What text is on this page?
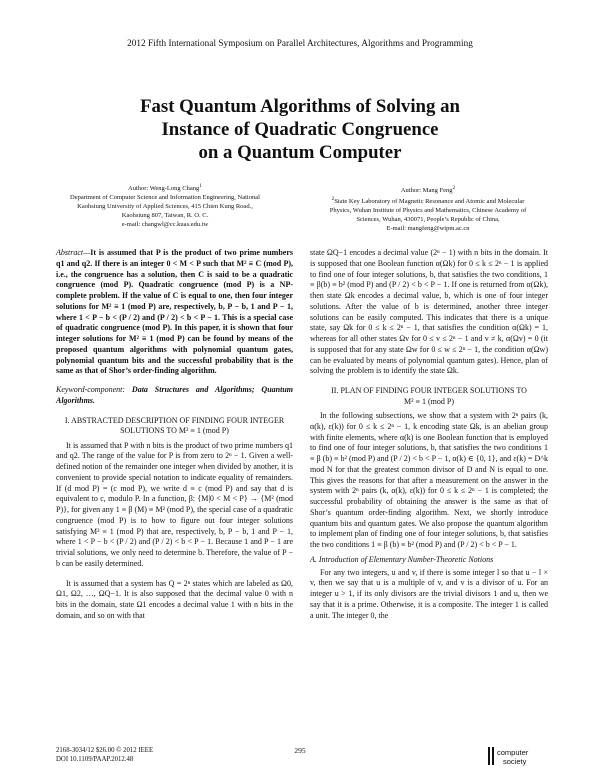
2012 Fifth International Symposium on Parallel Architectures, Algorithms and Programming
Fast Quantum Algorithms of Solving an
Instance of Quadratic Congruence
on a Quantum Computer
Author: Weng-Long Chang$^1$
Department of Computer Science and Information Engineering, National
Kaohsiung University of Applied Sciences, 415 Chien Kung Road.,
Kaohsiung 807, Taiwan, R. O. C.
e-mail: changwl@cc.kuas.edu.tw
Author: Mang Feng$^2$
$^2$State Key Laboratory of Magnetic Resonance and Atomic and Molecular
Physics, Wuhan Institute of Physics and Mathematics, Chinese Academy of
Sciences, Wuhan, 430071, People’s Republic of China,
E-mail: mangfeng@wipm.ac.cn

Abstract—It is assumed that P is the product of two prime numbers q1 and q2. If there is an integer 0 < M < P such that M² ≡ C (mod P), i.e., the congruence has a solution, then C is said to be a quadratic congruence (mod P). Quadratic congruence (mod P) is a NP-complete problem. If the value of C is equal to one, then four integer solutions for M² ≡ 1 (mod P) are, respectively, b, P − b, 1 and P − 1, where 1 < P − b < (P / 2) and (P / 2) < b < P − 1. This is a special case of quadratic congruence (mod P). In this paper, it is shown that four integer solutions for M² ≡ 1 (mod P) can be found by means of the proposed quantum algorithms with polynomial quantum gates, polynomial quantum bits and the successful probability that is the same as that of Shor’s order-finding algorithm.

Keyword-component: Data Structures and Algorithms; Quantum Algorithms.

I. ABSTRACTED DESCRIPTION OF FINDING FOUR INTEGER SOLUTIONS TO M² ≡ 1 (mod P)

It is assumed that P with n bits is the product of two prime numbers q1 and q2. The range of the value for P is from zero to 2ⁿ − 1. Given a well-defined notion of the remainder one integer when divided by another, it is convenient to provide special notation to indicate equality of remainders. If (d mod P) = (c mod P), we write d ≡ c (mod P) and say that d is equivalent to c, modulo P. In a function, β: {M|0 < M < P} → {M² (mod P)}, for given any 1 ≡ β (M) ≡ M² (mod P), the special case of a quadratic congruence (mod P) is to how to figure out four integer solutions satisfying M² ≡ 1 (mod P) that are, respectively, b, P − b, 1 and P − 1, where 1 < P − b < (P / 2) and (P / 2) < b < P − 1. Because 1 and P − 1 are trivial solutions, we only need to determine b. Therefore, the value of P − b can be easily determined.

It is assumed that a system has Q = 2ⁿ states which are labeled as Ω0, Ω1, Ω2, …, ΩQ−1. It is also supposed that the decimal value 0 with n bits in the domain, state Ω1 encodes a decimal value 1 with n bits in the domain, and so on with that

state ΩQ−1 encodes a decimal value (2ⁿ − 1) with n bits in the domain. It is supposed that one Boolean function α(Ωk) for 0 ≤ k ≤ 2ⁿ − 1 is applied to find one of four integer solutions, b, that satisfies the two conditions, 1 ≡ β(b) ≡ b² (mod P) and (P / 2) < b < P − 1. If one is returned from α(Ωk), then state Ωk encodes a decimal value, b, which is one of four integer solutions. After the value of b is determined, another three integer solutions can be easily computed. This indicates that there is a unique state, say Ωk for 0 ≤ k ≤ 2ⁿ − 1, that satisfies the condition α(Ωk) = 1, whereas for all other states Ωv for 0 ≤ v ≤ 2ⁿ − 1 and v ≠ k, α(Ωv) = 0 (it is supposed that for any state Ωw for 0 ≤ w ≤ 2ⁿ − 1, the condition α(Ωw) can be evaluated by means of polynomial quantum gates). Hence, plan of solving the problem is to identify the state Ωk.

II. PLAN OF FINDING FOUR INTEGER SOLUTIONS TO
M² ≡ 1 (mod P)

In the following subsections, we show that a system with 2ⁿ pairs (k, α(k), ε(k)) for 0 ≤ k ≤ 2ⁿ − 1, k encoding state Ωk, is an abelian group with finite elements, where α(k) is one Boolean function that is employed to find one of four integer solutions, b, that satisfies the two conditions 1 ≡ β (b) ≡ b² (mod P) and (P / 2) < b < P − 1, α(k) ∈ {0, 1}, and ε(k) = D^k mod N for that the greatest common divisor of D and N is equal to one. This gives the reasons for that after a measurement on the answer in the system with 2ⁿ pairs (k, α(k), ε(k)) for 0 ≤ k ≤ 2ⁿ − 1 is completed; the successful probability of obtaining the answer is the same as that of Shor’s quantum order-finding algorithm. Next, we shortly introduce quantum bits and quantum gates. We also propose the quantum algorithm to implement plan of finding one of four integer solutions, b, that satisfies the two conditions 1 ≡ β (b) ≡ b² (mod P) and (P / 2) < b < P − 1.

A. Introduction of Elementary Number-Theoretic Notions

For any two integers, u and v, if there is some integer l so that u − l × v, then we say that u is a multiple of v, and v is a divisor of u. For an integer u > 1, if its only divisors are the trivial divisors 1 and u, then we say that it is a prime. Otherwise, it is a composite. The integer 1 is called a unit. The integer 0, the

2168-3034/12 $26.00 © 2012 IEEE
DOI 10.1109/PAAP.2012.48
295	computer
society
